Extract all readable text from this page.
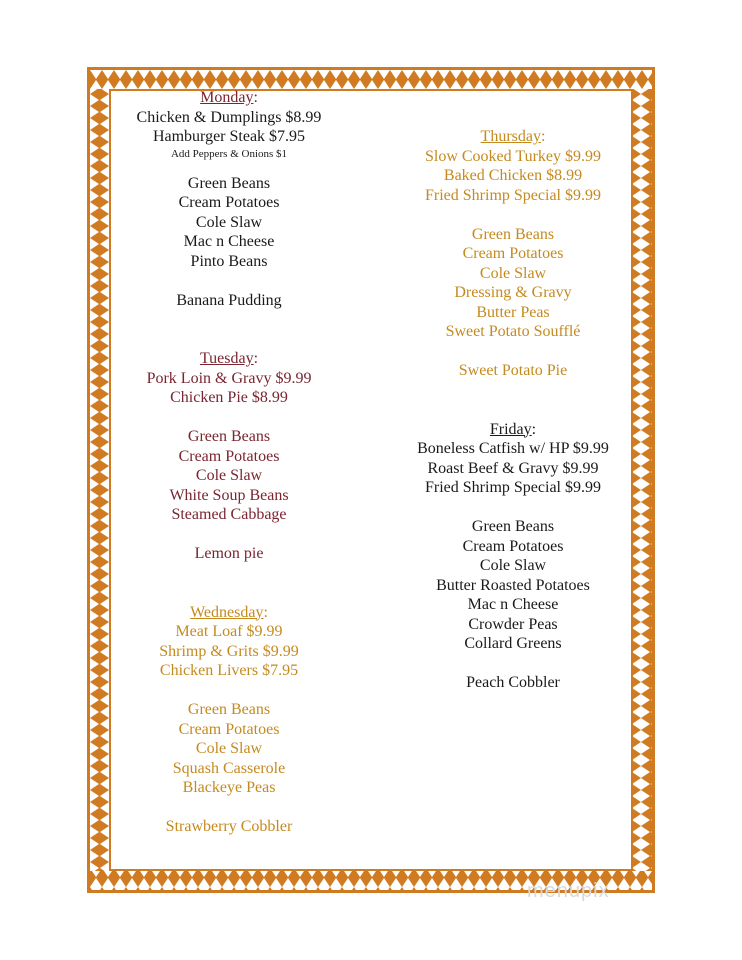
Monday:
Chicken & Dumplings $8.99
Hamburger Steak $7.95
Add Peppers & Onions $1
Green Beans
Cream Potatoes
Cole Slaw
Mac n Cheese
Pinto Beans
Banana Pudding
Tuesday:
Pork Loin & Gravy $9.99
Chicken Pie $8.99
Green Beans
Cream Potatoes
Cole Slaw
White Soup Beans
Steamed Cabbage
Lemon pie
Wednesday:
Meat Loaf $9.99
Shrimp & Grits $9.99
Chicken Livers $7.95
Green Beans
Cream Potatoes
Cole Slaw
Squash Casserole
Blackeye Peas
Strawberry Cobbler
Thursday:
Slow Cooked Turkey $9.99
Baked Chicken $8.99
Fried Shrimp Special $9.99
Green Beans
Cream Potatoes
Cole Slaw
Dressing & Gravy
Butter Peas
Sweet Potato Soufflé
Sweet Potato Pie
Friday:
Boneless Catfish w/ HP $9.99
Roast Beef & Gravy $9.99
Fried Shrimp Special $9.99
Green Beans
Cream Potatoes
Cole Slaw
Butter Roasted Potatoes
Mac n Cheese
Crowder Peas
Collard Greens
Peach Cobbler
menupix
